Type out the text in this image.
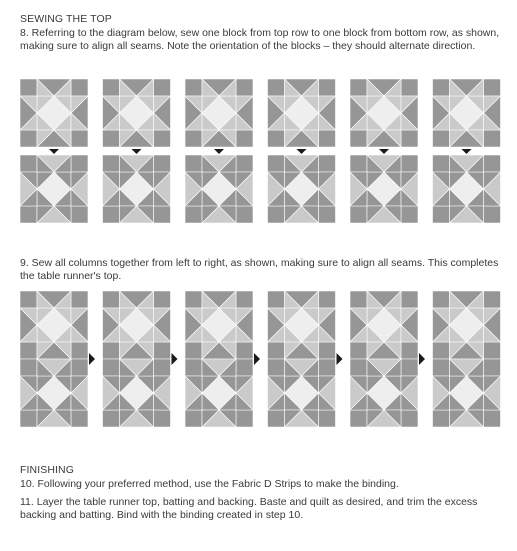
SEWING THE TOP
8. Referring to the diagram below, sew one block from top row to one block from bottom row, as shown, making sure to align all seams. Note the orientation of the blocks – they should alternate direction.
9. Sew all columns together from left to right, as shown, making sure to align all seams. This completes the table runner's top.
FINISHING
10. Following your preferred method, use the Fabric D Strips to make the binding.
11. Layer the table runner top, batting and backing. Baste and quilt as desired, and trim the excess backing and batting. Bind with the binding created in step 10.
